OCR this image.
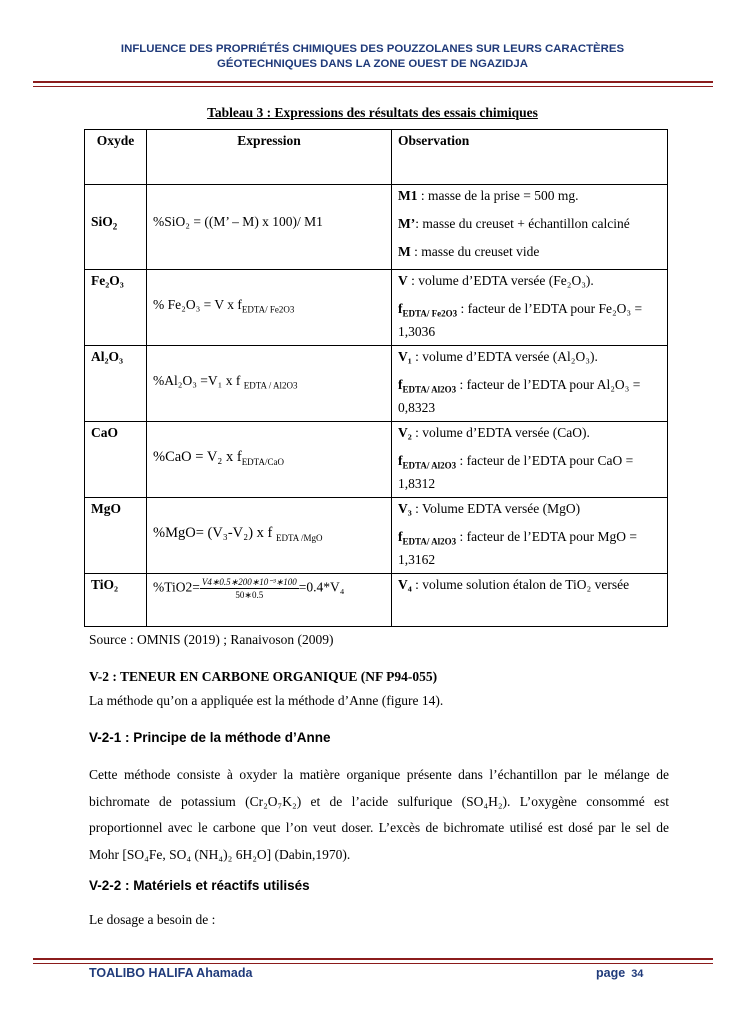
INFLUENCE DES PROPRIÉTÉS CHIMIQUES DES POUZZOLANES SUR LEURS CARACTÈRES
GÉOTECHNIQUES DANS LA ZONE OUEST DE NGAZIDJA
Tableau 3 : Expressions des résultats des essais chimiques
Oxyde	Expression	Observation

SiO$_2$	%SiO₂ = ((M’ – M) x 100)/ M1	M1 : masse de la prise = 500 mg.

M’: masse du creuset + échantillon calciné

M : masse du creuset vide

Fe₂O₃	% Fe₂O₃ = V x $f_{EDTA/ Fe2O3}$	V : volume d’EDTA versée (Fe₂O₃).

$f_{EDTA/ Fe2O3}$ : facteur de l’EDTA pour Fe₂O₃ = 1,3036

Al₂O₃	%Al₂O₃ =V₁ x f $_{EDTA / Al2O3}$	V₁ : volume d’EDTA versée (Al₂O₃).

$f_{EDTA/ Al2O3}$ : facteur de l’EDTA pour Al₂O₃ = 0,8323

CaO	%CaO = V₂ x $f_{EDTA/CaO}$	V₂ : volume d’EDTA versée (CaO).

$f_{EDTA/ Al2O3}$ : facteur de l’EDTA pour CaO = 1,8312

MgO	%MgO= (V₃-V₂) x f $_{EDTA /MgO}$	V₃ : Volume EDTA versée (MgO)

$f_{EDTA/ Al2O3}$ : facteur de l’EDTA pour MgO = 1,3162

TiO₂	$\%TiO2= \frac{\text{V4∗0.5∗200∗10⁻³∗100}}{50∗0.5} =0.4*V_4$	V₄ : volume solution étalon de TiO₂ versée

Source : OMNIS (2019) ; Ranaivoson (2009)
V-2 : TENEUR EN CARBONE ORGANIQUE (NF P94-055)
La méthode qu’on a appliquée est la méthode d’Anne (figure 14).
V-2-1 : Principe de la méthode d’Anne
Cette méthode consiste à oxyder la matière organique présente dans l’échantillon par le mélange de bichromate de potassium (Cr₂O₇K₂) et de l’acide sulfurique (SO₄H₂). L’oxygène consommé est proportionnel avec le carbone que l’on veut doser. L’excès de bichromate utilisé est dosé par le sel de Mohr [SO₄Fe, SO₄ (NH₄)₂ 6H₂O] (Dabin,1970).
V-2-2 : Matériels et réactifs utilisés
Le dosage a besoin de :
TOALIBO HALIFA Ahamada	page 34
